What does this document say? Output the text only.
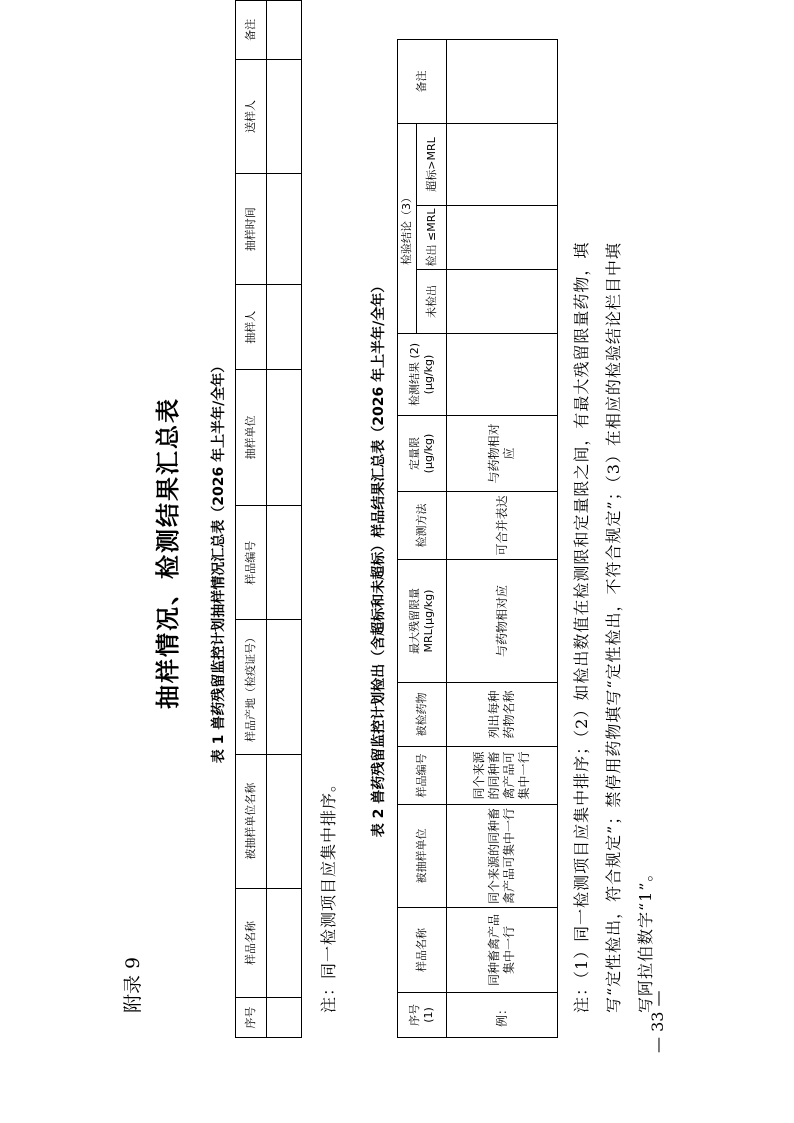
附录 9
抽样情况、检测结果汇总表 表 1 兽药残留监控计划抽样情况汇总表（2026 年上半年/全年）
序号	样品名称	被抽样单位名称	样品产地（检疫证号）	样品编号	抽样单位	抽样人	抽样时间	送样人	备注

注：同一检测项目应集中排序。
表 2 兽药残留监控计划检出（含超标和未超标）样品结果汇总表（2026 年上半年/全年）
序号 (1)	样品名称	被抽样单位	样品编号	被检药物	最大残留限量 MRL(μg/kg)	检测方法	定量限 (μg/kg)	检测结果 (2) (μg/kg)	检验结论（3）			备注
									未检出	检出 ≤MRL	超标>MRL	

例：	同种畜禽产品集中一行	同个来源的同种畜禽产品可集中一行	同个来源的同种畜禽产品可集中一行	列出每种药物名称	与药物相对应	可合并表达	与药物相对应						注：（1）同一检测项目应集中排序；（2）如检出数值在检测限和定量限之间，有最大残留限量药物，填 写“定性检出，符合规定”；禁停用药物填写“定性检出，不符合规定”；（3）在相应的检验结论栏目中填 写阿拉伯数字“1”。
— 33 —
